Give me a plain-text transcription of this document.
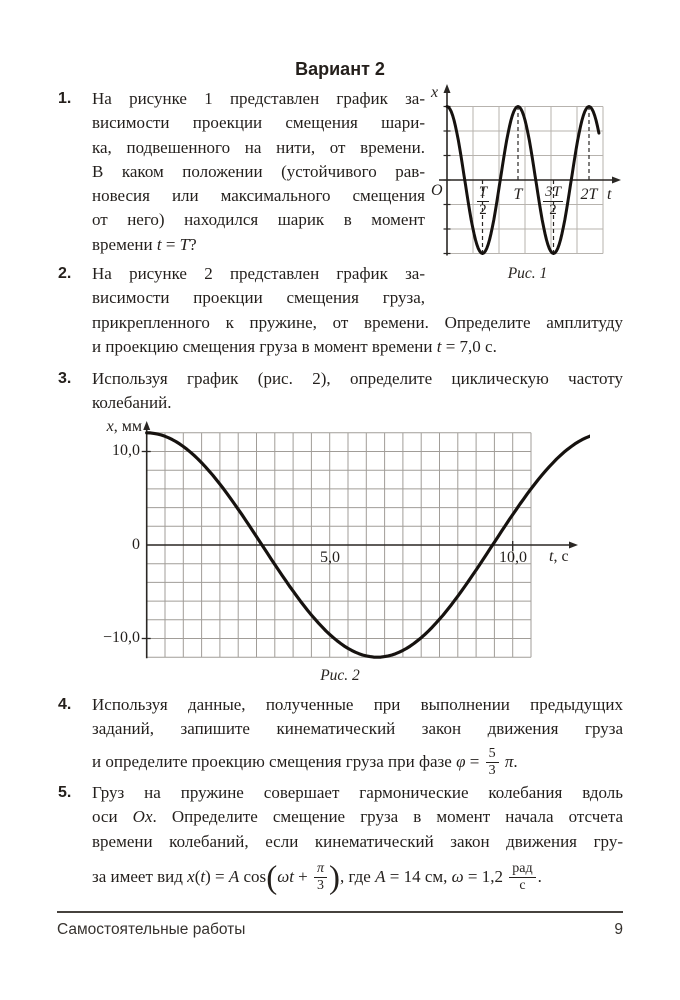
Вариант 2
1. На рисунке 1 представлен график за-
висимости проекции смещения шари-
ка, подвешенного на нити, от времени.
В каком положении (устойчивого рав-
новесия или максимального смещения
от него) находился шарик в момент
времени t = T?
2. На рисунке 2 представлен график за-
висимости проекции смещения груза,
прикрепленного к пружине, от времени. Определите амплитуду
и проекцию смещения груза в момент времени t = 7,0 с.
3. Используя график (рис. 2), определите циклическую частоту
колебаний.
4. Используя данные, полученные при выполнении предыдущих
заданий, запишите кинематический закон движения груза
и определите проекцию смещения груза при фазе $\varphi = \frac{5}{3} \pi$.
5. Груз на пружине совершает гармонические колебания вдоль
оси Ox. Определите смещение груза в момент начала отсчета
времени колебаний, если кинематический закон движения гру-
за имеет вид x(t) = A $\cos(\omega t + \frac{\pi}{3}$ ), где A = 14 см, $\omega = 1,2 \frac{\text{рад}}{с}$ .
x
O T
2
T	3T
2
2T t
Рис. 1
x, мм
10,0
0
−10,0
5,0	10,0	t, с
Рис. 2
Самостоятельные работы	9
